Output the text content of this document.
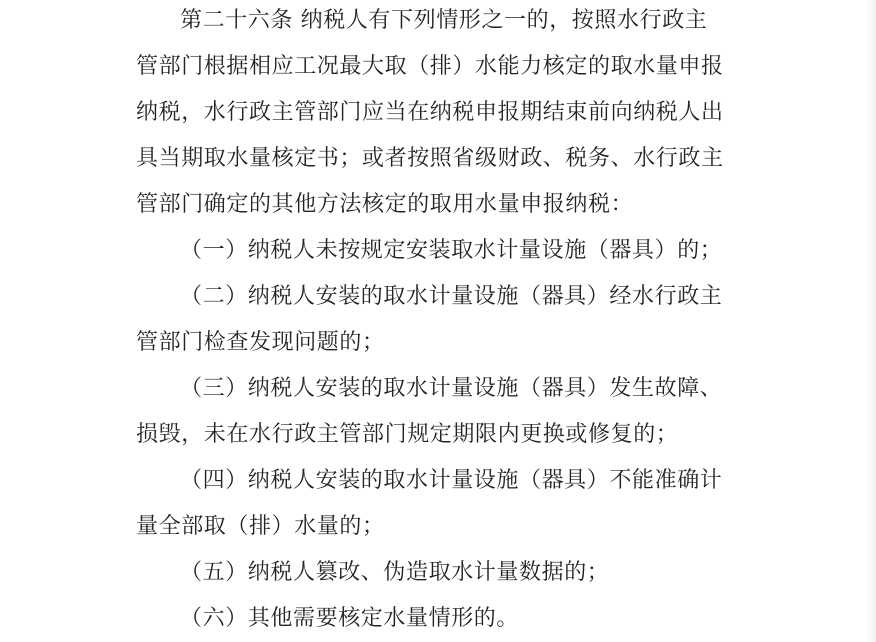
第二十六条 纳税人有下列情形之一的，按照水行政主

管部门根据相应工况最大取（排）水能力核定的取水量申报

纳税，水行政主管部门应当在纳税申报期结束前向纳税人出

具当期取水量核定书；或者按照省级财政、税务、水行政主

管部门确定的其他方法核定的取用水量申报纳税：

（一）纳税人未按规定安装取水计量设施（器具）的；

（二）纳税人安装的取水计量设施（器具）经水行政主

管部门检查发现问题的；

（三）纳税人安装的取水计量设施（器具）发生故障、

损毁，未在水行政主管部门规定期限内更换或修复的；

（四）纳税人安装的取水计量设施（器具）不能准确计

量全部取（排）水量的；

（五）纳税人篡改、伪造取水计量数据的；

（六）其他需要核定水量情形的。
